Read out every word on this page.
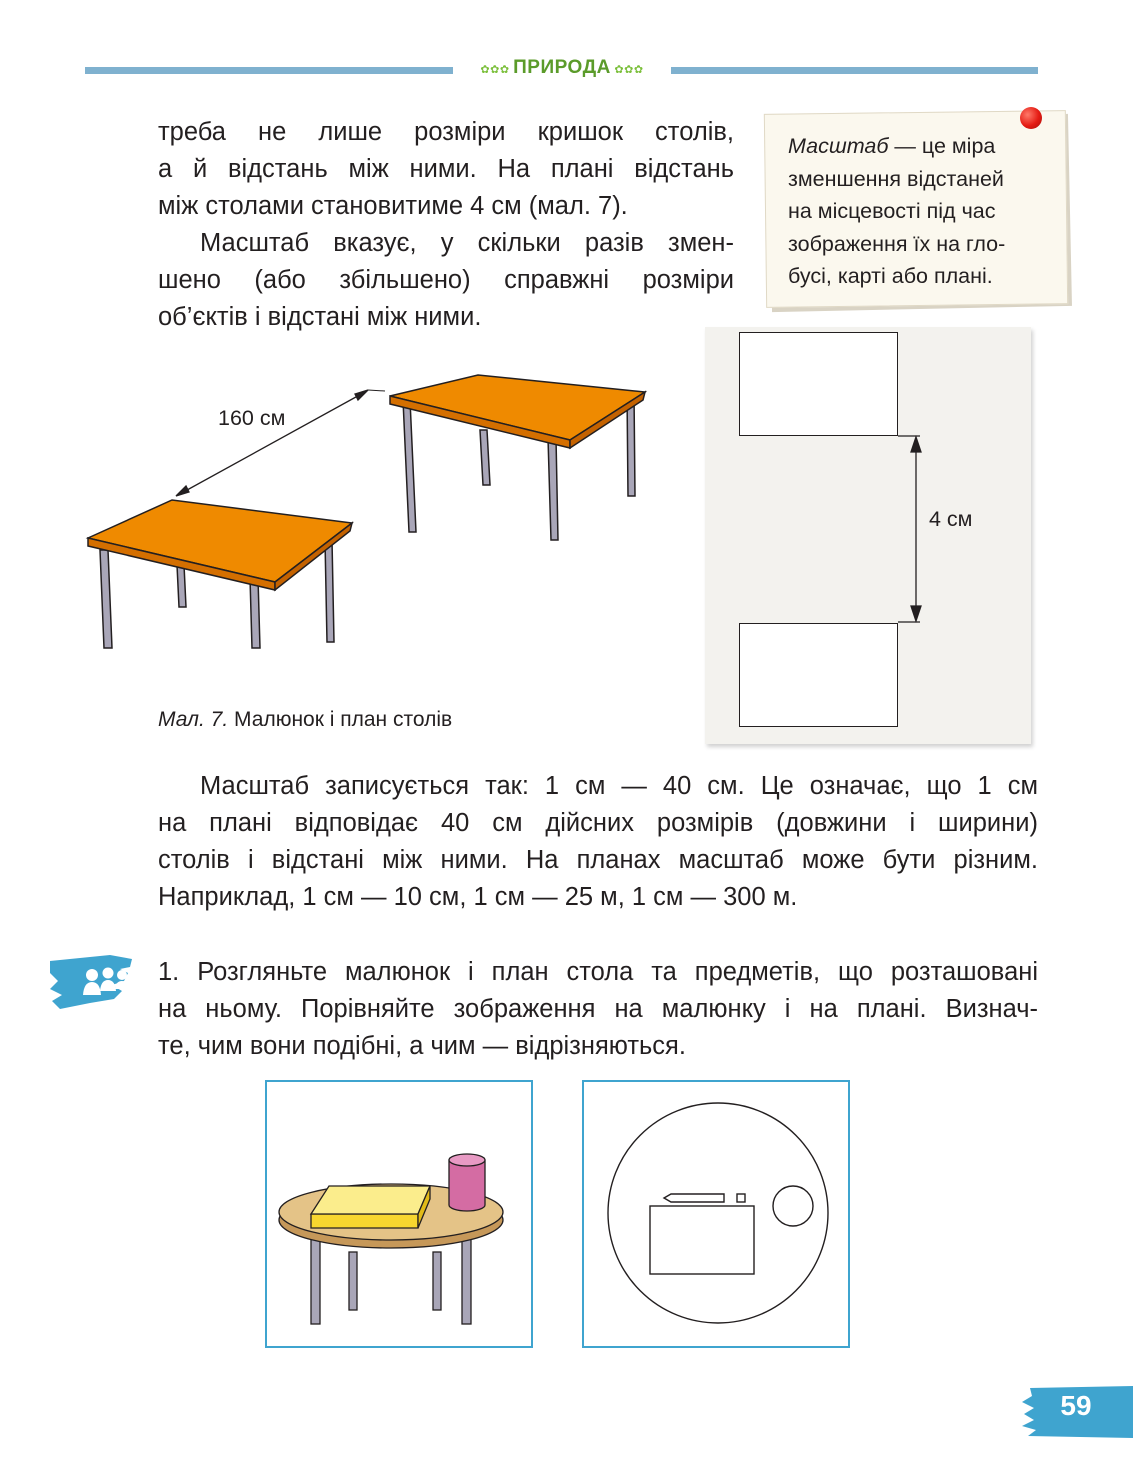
✿✿✿ ПРИРОДА ✿✿✿

треба не лише розміри кришок столів,

а й відстань між ними. На плані відстань

між столами становитиме 4 см (мал. 7).

Масштаб вказує, у скільки разів змен-

шено (або збільшено) справжні розміри

об’єктів і відстані між ними.

Масштаб — це міра
зменшення відстаней
на місцевості під час
зображення їх на гло-
бусі, карті або плані.
160 см
4 см
Мал. 7. Малюнок і план столів

Масштаб записується так: 1 см — 40 см. Це означає, що 1 см

на плані відповідає 40 см дійсних розмірів (довжини і ширини)

столів і відстані між ними. На планах масштаб може бути різним.

Наприклад, 1 см — 10 см, 1 см — 25 м, 1 см — 300 м.

1. Розгляньте малюнок і план стола та предметів, що розташовані

на ньому. Порівняйте зображення на малюнку і на плані. Визнач-

те, чим вони подібні, а чим — відрізняються.

59
